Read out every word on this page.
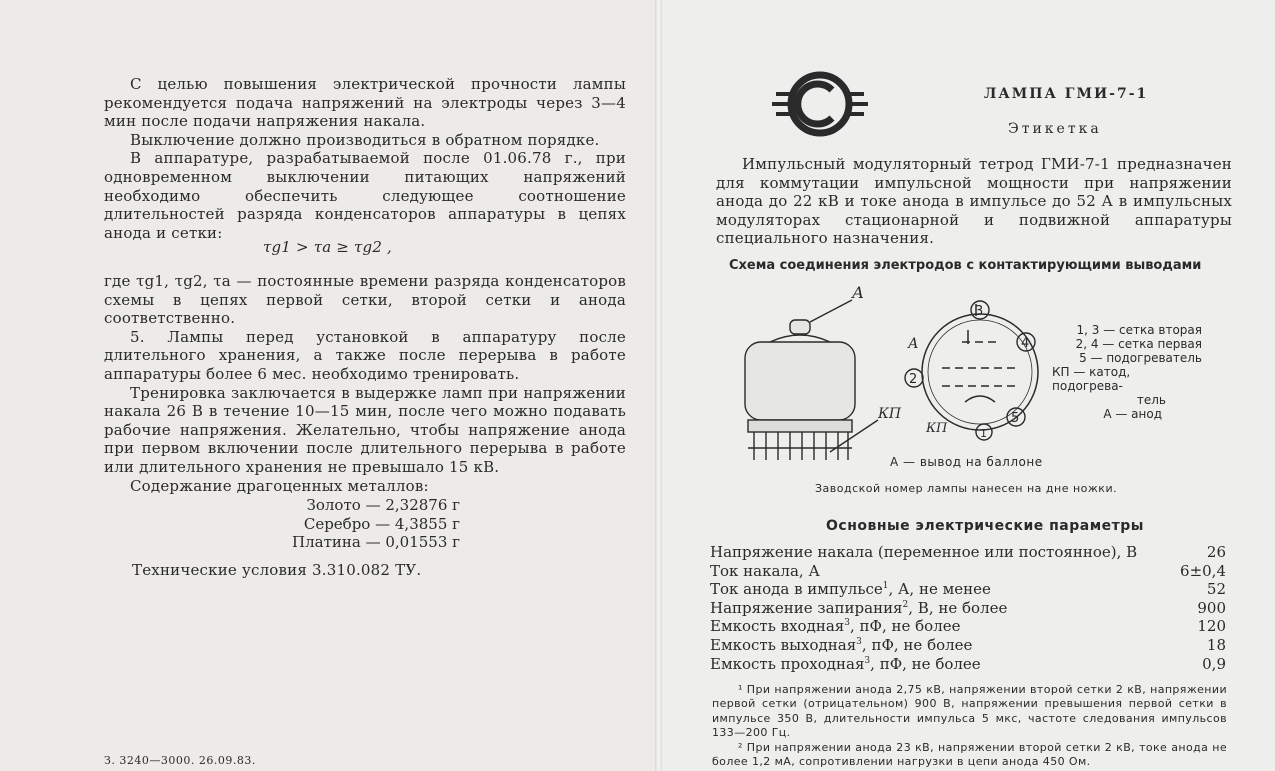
С целью повышения электрической прочности лампы рекомендуется подача напряжений на электроды через 3—4 мин после подачи напряжения накала.

Выключение должно производиться в обратном порядке.

В аппаратуре, разрабатываемой после 01.06.78 г., при одновременном выключении питающих напряжений необходимо обеспечить следующее соотношение длительностей разряда конденсаторов аппаратуры в цепях анода и сетки:

τg1 > τa ≥ τg2 ,

где τg1, τg2, τa — постоянные времени разряда конденсаторов схемы в цепях первой сетки, второй сетки и анода соответственно.

5. Лампы перед установкой в аппаратуру после длительного хранения, а также после перерыва в работе аппаратуры более 6 мес. необходимо тренировать.

Тренировка заключается в выдержке ламп при напряжении накала 26 В в течение 10—15 мин, после чего можно подавать рабочие напряжения. Желательно, чтобы напряжение анода при первом включении после длительного перерыва в работе или длительного хранения не превышало 15 кВ.

Содержание драгоценных металлов:

Золото — 2,32876 г
Серебро — 4,3855 г
Платина — 0,01553 г
Технические условия 3.310.082 ТУ.
З. 3240—3000. 26.09.83.
ЛАМПА ГМИ-7-1
Этикетка

Импульсный модуляторный тетрод ГМИ-7-1 предназначен для коммутации импульсной мощности при напряжении анода до 22 кВ и токе анода в импульсе до 52 А в импульсных модуляторах стационарной и подвижной аппаратуры специального назначения.

Схема соединения электродов с контактирующими выводами
А
КП
3
4
2
5
1
А
КП
1, 3 — сетка вторая
2, 4 — сетка первая
5 — подогреватель
КП — катод, подогрева-
тель
А — анод
А — вывод на баллоне
Заводской номер лампы нанесен на дне ножки.
Основные электрические параметры
Напряжение накала (переменное или постоянное), В	26
Ток накала, А	6±0,4
Ток анода в импульсе$^1$, А, не менее	52
Напряжение запирания$^2$, В, не более	900
Емкость входная$^3$, пФ, не более	120
Емкость выходная$^3$, пФ, не более	18
Емкость проходная$^3$, пФ, не более	0,9

¹ При напряжении анода 2,75 кВ, напряжении второй сетки 2 кВ, напряжении первой сетки (отрицательном) 900 В, напряжении превышения первой сетки в импульсе 350 В, длительности импульса 5 мкс, частоте следования импульсов 133—200 Гц.

² При напряжении анода 23 кВ, напряжении второй сетки 2 кВ, токе анода не более 1,2 мА, сопротивлении нагрузки в цепи анода 450 Ом.
